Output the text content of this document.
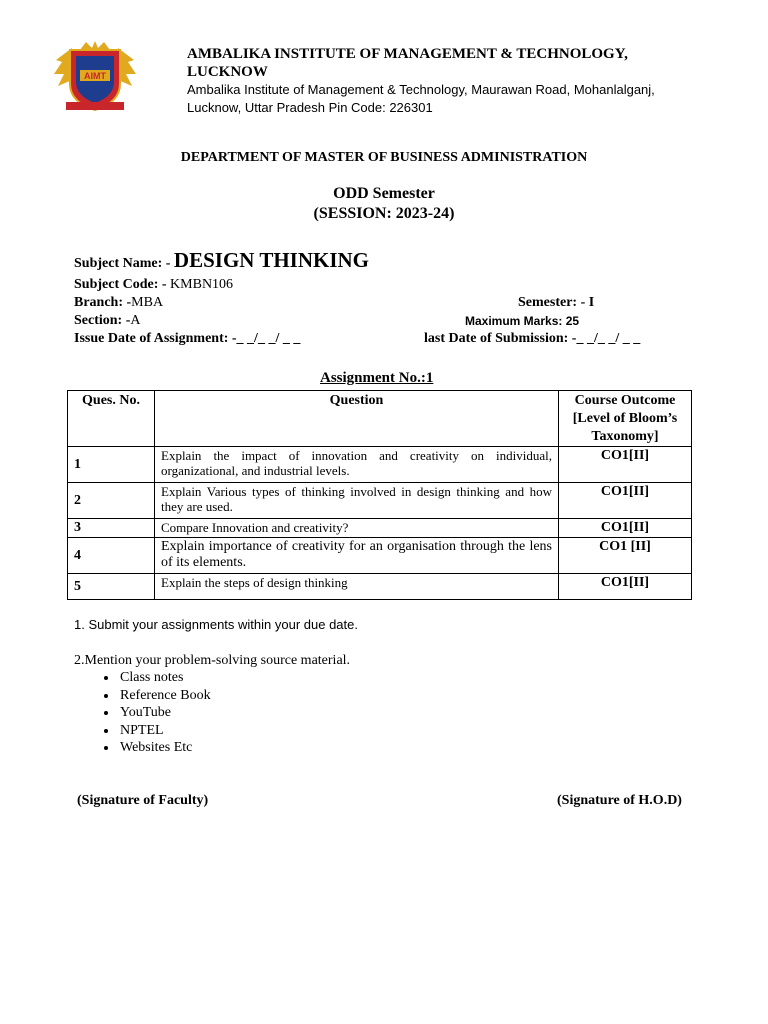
AIMT
AMBALIKA INSTITUTE OF MANAGEMENT & TECHNOLOGY,
LUCKNOW
Ambalika Institute of Management & Technology, Maurawan Road, Mohanlalganj,
Lucknow, Uttar Pradesh Pin Code: 226301
DEPARTMENT OF MASTER OF BUSINESS ADMINISTRATION
ODD Semester
(SESSION: 2023-24)
Subject Name: - DESIGN THINKING
Subject Code: - KMBN106
Branch: -MBA	Semester: - I
Section: -A	Maximum Marks: 25
Issue Date of Assignment: -_ _/_ _/ _ _	last Date of Submission: -_ _/_ _/ _ _
Assignment No.:1
Ques. No.	Question	Course Outcome [Level of Bloom’s Taxonomy]
1	Explain the impact of innovation and creativity on individual, organizational, and industrial levels.	CO1[II]
2	Explain Various types of thinking involved in design thinking and how they are used.	CO1[II]
3	Compare Innovation and creativity?	CO1[II]
4	Explain importance of creativity for an organisation through the lens of its elements.	CO1 [II]
5	Explain the steps of design thinking	CO1[II]
1. Submit your assignments within your due date.
2.Mention your problem-solving source material.
• Class notes
• Reference Book
• YouTube
• NPTEL
• Websites Etc
(Signature of Faculty)	(Signature of H.O.D)
